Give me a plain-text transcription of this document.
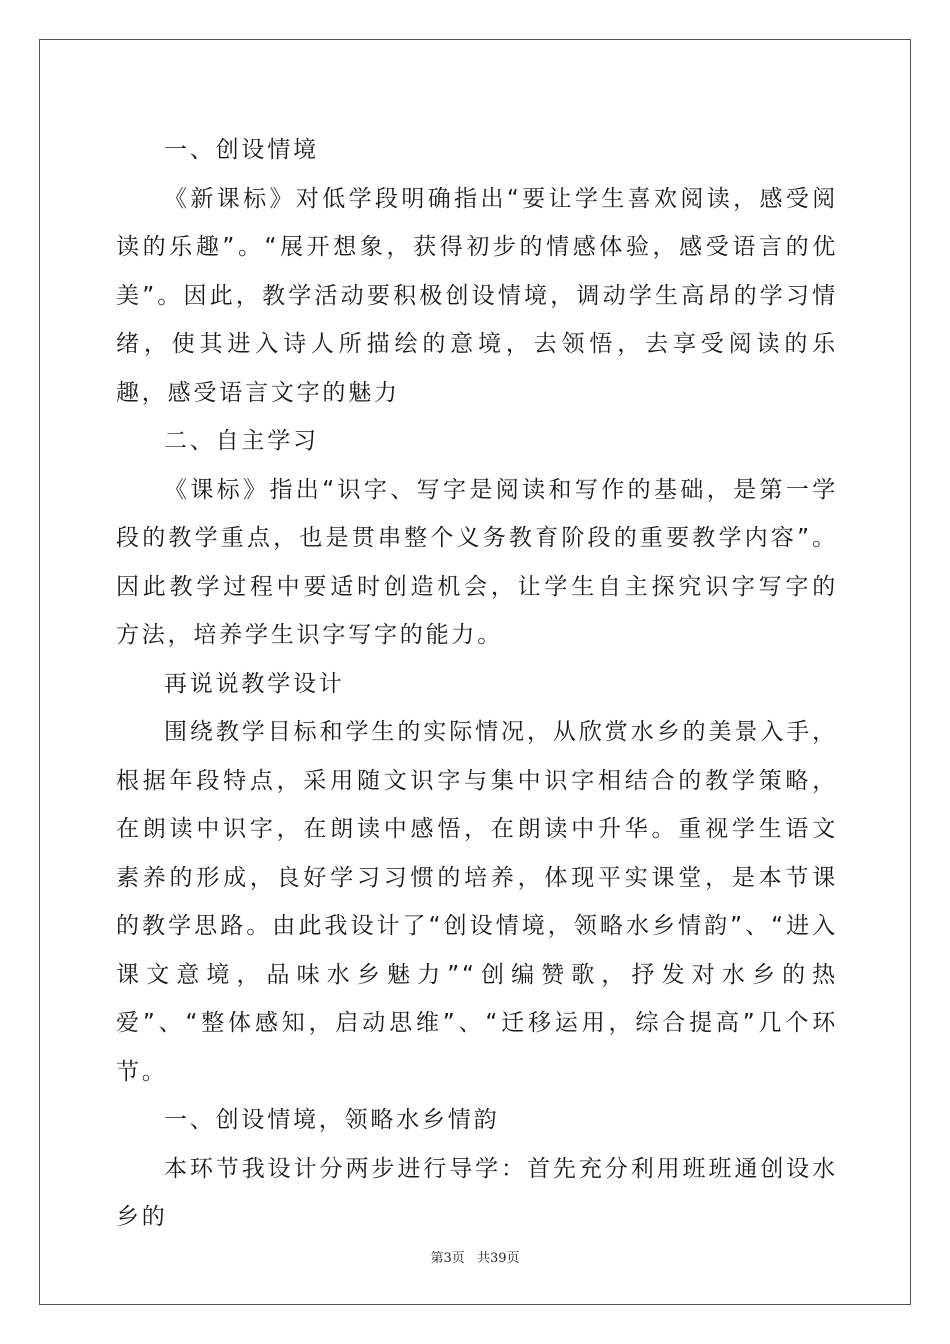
一、创设情境

《新课标》对低学段明确指出“要让学生喜欢阅读，感受阅读的乐趣”。“展开想象，获得初步的情感体验，感受语言的优美”。因此，教学活动要积极创设情境，调动学生高昂的学习情绪，使其进入诗人所描绘的意境，去领悟，去享受阅读的乐趣，感受语言文字的魅力

二、自主学习

《课标》指出“识字、写字是阅读和写作的基础，是第一学段的教学重点，也是贯串整个义务教育阶段的重要教学内容”。因此教学过程中要适时创造机会，让学生自主探究识字写字的方法，培养学生识字写字的能力。

再说说教学设计

围绕教学目标和学生的实际情况，从欣赏水乡的美景入手，根据年段特点，采用随文识字与集中识字相结合的教学策略，在朗读中识字，在朗读中感悟，在朗读中升华。重视学生语文素养的形成，良好学习习惯的培养，体现平实课堂，是本节课的教学思路。由此我设计了“创设情境，领略水乡情韵”、“进入课文意境，品味水乡魅力”“创编赞歌，抒发对水乡的热爱”、“整体感知，启动思维”、“迁移运用，综合提高”几个环节。

一、创设情境，领略水乡情韵

本环节我设计分两步进行导学：首先充分利用班班通创设水乡的

第3页 共39页
